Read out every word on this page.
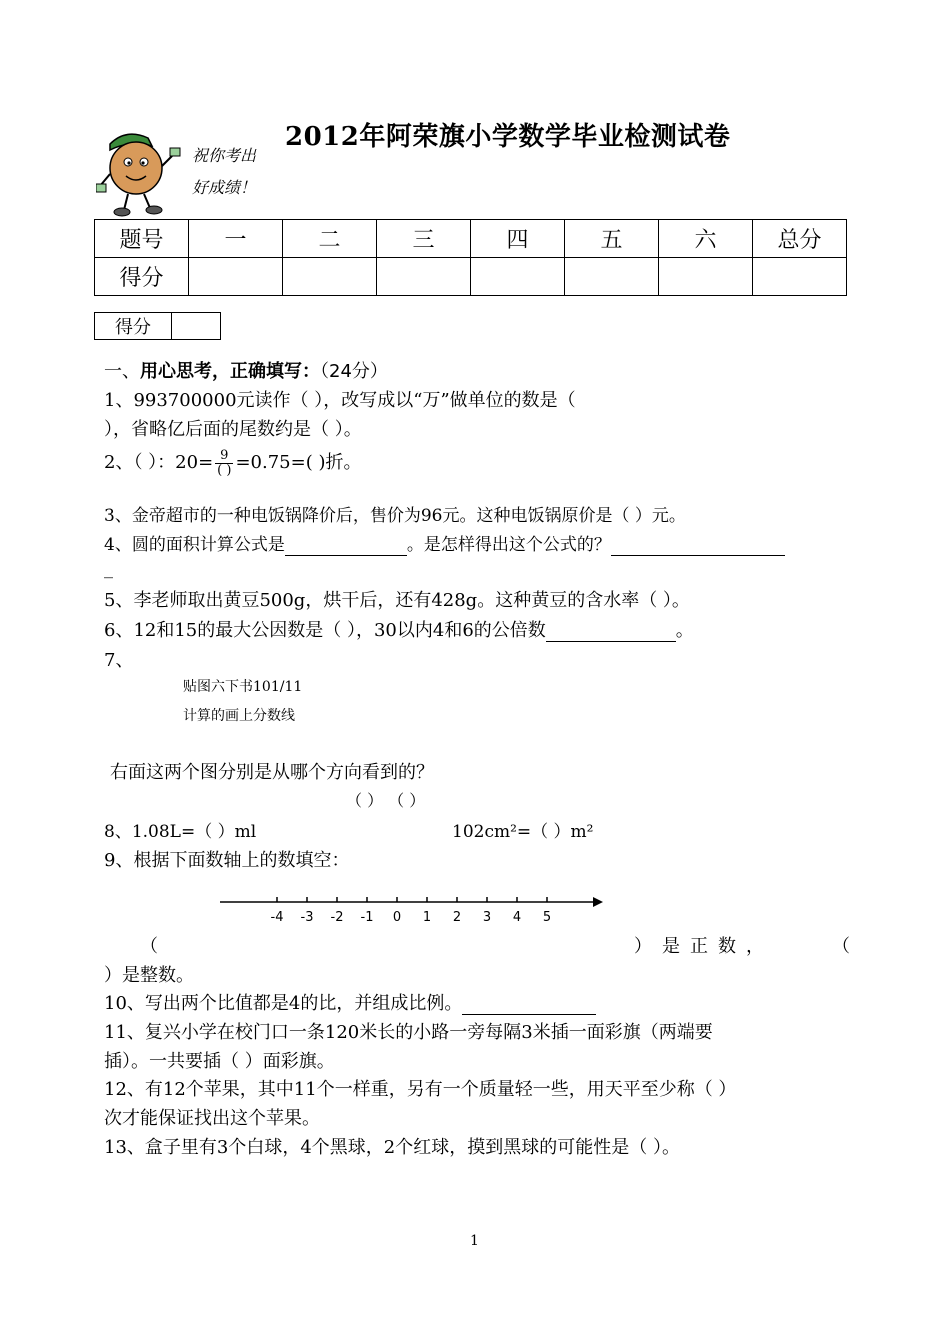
2012年阿荣旗小学数学毕业检测试卷
祝你考出
好成绩！
题号	一	二	三	四	五	六	总分
得分							
得分	
一、用心思考，正确填写：（24分）
1、993700000元读作（ ），改写成以“万”做单位的数是（
），省略亿后面的尾数约是（ ）。
2、（ ）：$20= \frac{9}{( )} =0.75=$( )折。
3、金帝超市的一种电饭锅降价后，售价为96元。这种电饭锅原价是（ ）元。
4、圆的面积计算公式是	。是怎样得出这个公式的？
_
5、李老师取出黄豆500g，烘干后，还有428g。这种黄豆的含水率（ ）。
6、12和15的最大公因数是（ ），30以内4和6的公倍数	。
7、
贴图六下书101/11
计算的画上分数线
右面这两个图分别是从哪个方向看到的？
（ ） （ ）
8、1.08L=（ ）ml	102cm²=（ ）m²
9、根据下面数轴上的数填空：
-4 -3 -2 -1 0 1 2 3 4 5
（	）是正数，	（
）是整数。
10、写出两个比值都是4的比，并组成比例。
11、复兴小学在校门口一条120米长的小路一旁每隔3米插一面彩旗（两端要
插）。一共要插（ ）面彩旗。
12、有12个苹果，其中11个一样重，另有一个质量轻一些，用天平至少称（ ）
次才能保证找出这个苹果。
13、盒子里有3个白球，4个黑球，2个红球，摸到黑球的可能性是（ ）。
1
